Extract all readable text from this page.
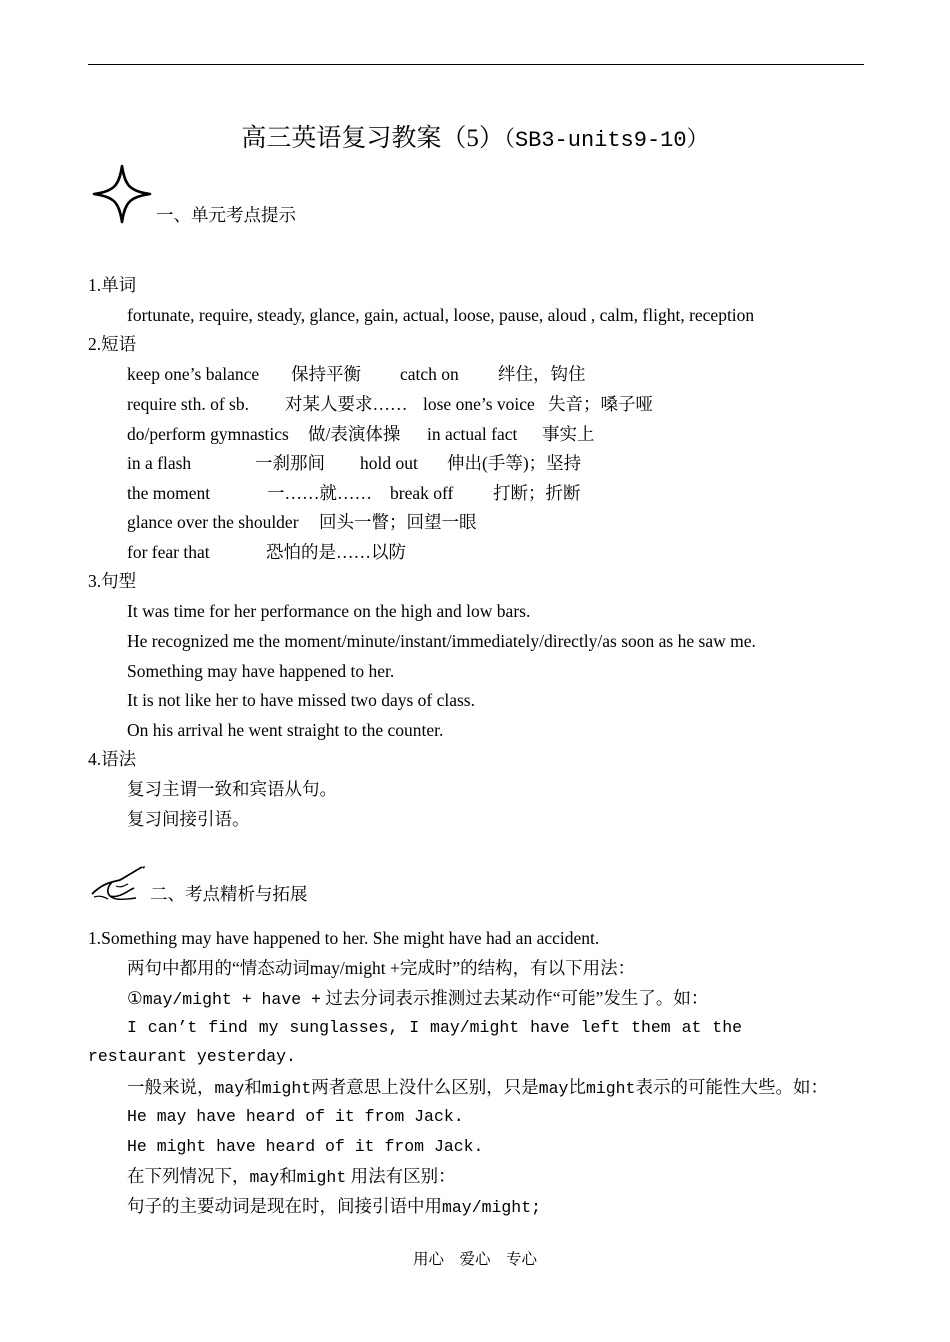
高三英语复习教案（5）（SB3-units9-10）
一、单元考点提示
1.单词
fortunate, require, steady, glance, gain, actual, loose, pause, aloud , calm, flight, reception
2.短语
keep one’s balance 保持平衡 catch on 绊住，钩住
require sth. of sb. 对某人要求…… lose one’s voice 失音；嗓子哑
do/perform gymnastics 做/表演体操 in actual fact 事实上
in a flash	一刹那间 hold out 伸出(手等)；坚持
the moment	一……就…… break off 打断；折断
glance over the shoulder 回头一瞥；回望一眼
for fear that	恐怕的是……以防
3.句型
It was time for her performance on the high and low bars.
He recognized me the moment/minute/instant/immediately/directly/as soon as he saw me.
Something may have happened to her.
It is not like her to have missed two days of class.
On his arrival he went straight to the counter.
4.语法
复习主谓一致和宾语从句。
复习间接引语。
二、考点精析与拓展
1.Something may have happened to her. She might have had an accident.
两句中都用的“情态动词may/might +完成时”的结构，有以下用法：
①may/might + have + 过去分词表示推测过去某动作“可能”发生了。如：
I can’t find my sunglasses, I may/might have left them at the
restaurant yesterday.
一般来说，may和might两者意思上没什么区别，只是may比might表示的可能性大些。如：
He may have heard of it from Jack.
He might have heard of it from Jack.
在下列情况下，may和might 用法有区别：
句子的主要动词是现在时，间接引语中用may/might;
用心　爱心　专心
